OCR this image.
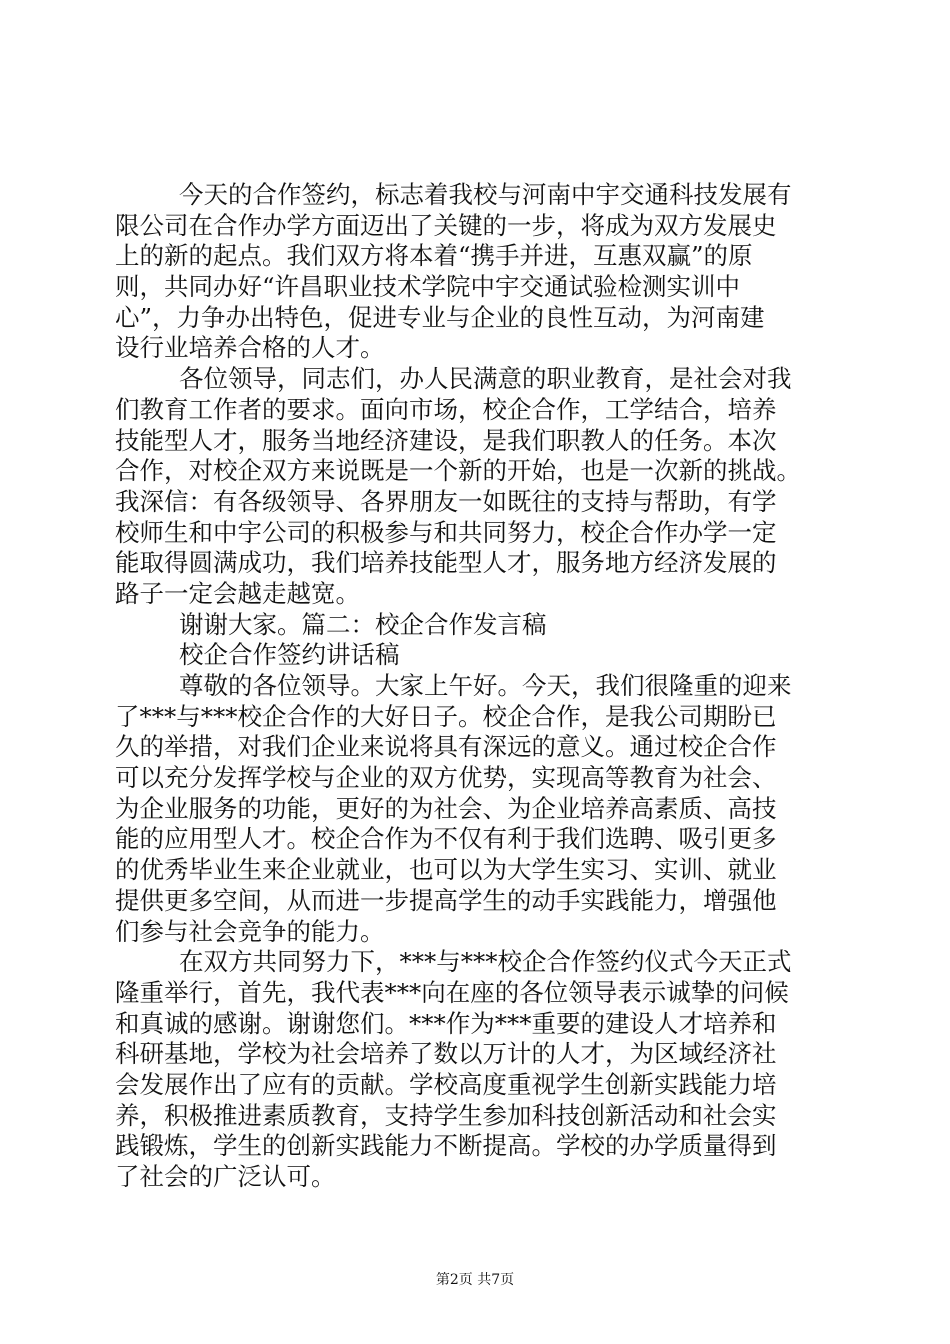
今天的合作签约，标志着我校与河南中宇交通科技发展有
限公司在合作办学方面迈出了关键的一步，将成为双方发展史
上的新的起点。我们双方将本着“携手并进，互惠双赢”的原
则，共同办好“许昌职业技术学院中宇交通试验检测实训中
心”，力争办出特色，促进专业与企业的良性互动，为河南建
设行业培养合格的人才。
各位领导，同志们，办人民满意的职业教育，是社会对我
们教育工作者的要求。面向市场，校企合作，工学结合，培养
技能型人才，服务当地经济建设，是我们职教人的任务。本次
合作，对校企双方来说既是一个新的开始，也是一次新的挑战。
我深信：有各级领导、各界朋友一如既往的支持与帮助，有学
校师生和中宇公司的积极参与和共同努力，校企合作办学一定
能取得圆满成功，我们培养技能型人才，服务地方经济发展的
路子一定会越走越宽。
谢谢大家。篇二：校企合作发言稿
校企合作签约讲话稿
尊敬的各位领导。大家上午好。今天，我们很隆重的迎来
了***与***校企合作的大好日子。校企合作，是我公司期盼已
久的举措，对我们企业来说将具有深远的意义。通过校企合作
可以充分发挥学校与企业的双方优势，实现高等教育为社会、
为企业服务的功能，更好的为社会、为企业培养高素质、高技
能的应用型人才。校企合作为不仅有利于我们选聘、吸引更多
的优秀毕业生来企业就业，也可以为大学生实习、实训、就业
提供更多空间，从而进一步提高学生的动手实践能力，增强他
们参与社会竞争的能力。
在双方共同努力下，***与***校企合作签约仪式今天正式
隆重举行，首先，我代表***向在座的各位领导表示诚挚的问候
和真诚的感谢。谢谢您们。***作为***重要的建设人才培养和
科研基地，学校为社会培养了数以万计的人才，为区域经济社
会发展作出了应有的贡献。学校高度重视学生创新实践能力培
养，积极推进素质教育，支持学生参加科技创新活动和社会实
践锻炼，学生的创新实践能力不断提高。学校的办学质量得到
了社会的广泛认可。
第2页 共7页
